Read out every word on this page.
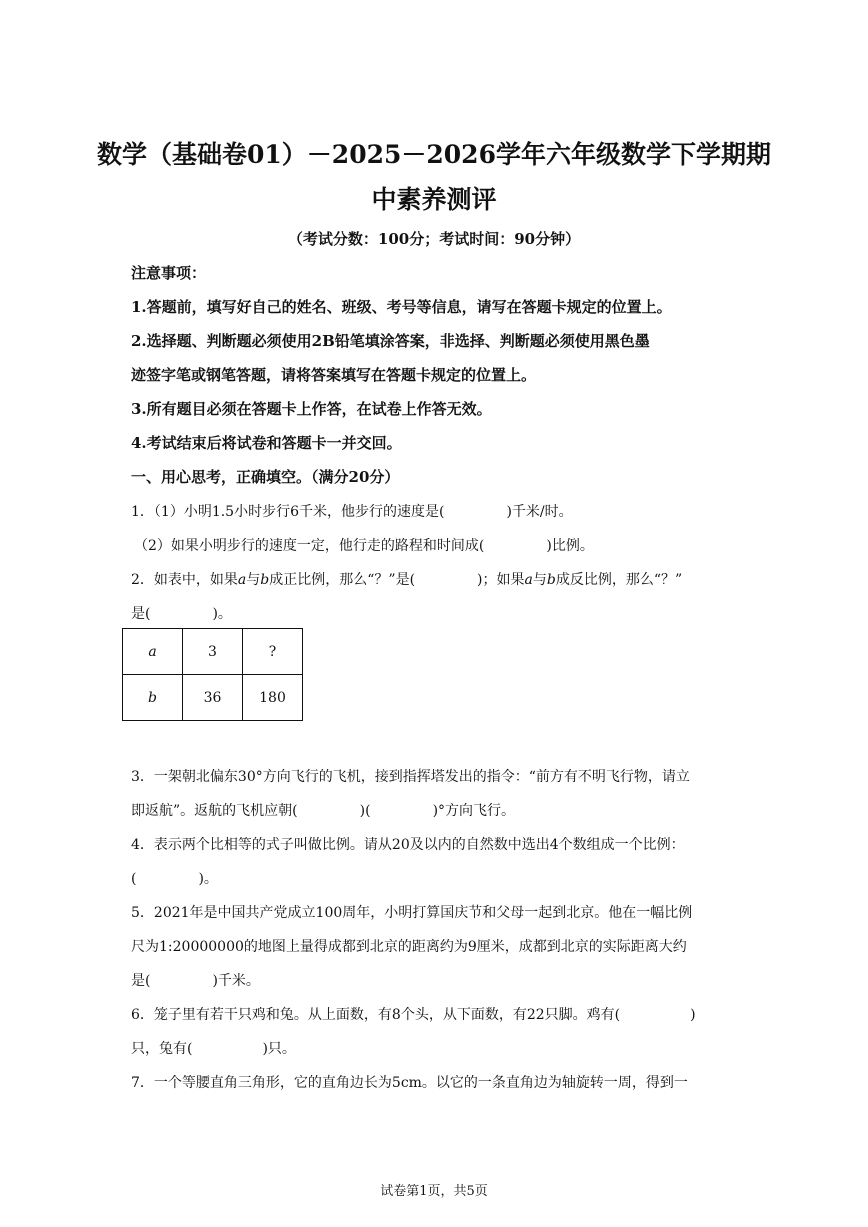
数学（基础卷01）－2025－2026学年六年级数学下学期期
中素养测评
（考试分数：100分；考试时间：90分钟）
注意事项：
1.答题前，填写好自己的姓名、班级、考号等信息，请写在答题卡规定的位置上。
2.选择题、判断题必须使用2B铅笔填涂答案，非选择、判断题必须使用黑色墨
迹签字笔或钢笔答题，请将答案填写在答题卡规定的位置上。
3.所有题目必须在答题卡上作答，在试卷上作答无效。
4.考试结束后将试卷和答题卡一并交回。
一、用心思考，正确填空。（满分20分）
1．（1）小明1.5小时步行6千米，他步行的速度是(	)千米/时。
（2）如果小明步行的速度一定，他行走的路程和时间成(	)比例。
2．如表中，如果a与b成正比例，那么“？”是(	)；如果a与b成反比例，那么“？”
是(	)。
a	3	?
b	36	180
3．一架朝北偏东30°方向飞行的飞机，接到指挥塔发出的指令：“前方有不明飞行物，请立
即返航”。返航的飞机应朝(	)(	)°方向飞行。
4．表示两个比相等的式子叫做比例。请从20及以内的自然数中选出4个数组成一个比例：
(	)。
5．2021年是中国共产党成立100周年，小明打算国庆节和父母一起到北京。他在一幅比例
尺为1:20000000的地图上量得成都到北京的距离约为9厘米，成都到北京的实际距离大约
是(	)千米。
6．笼子里有若干只鸡和兔。从上面数，有8个头，从下面数，有22只脚。鸡有(	)
只，兔有(	)只。
7．一个等腰直角三角形，它的直角边长为5cm。以它的一条直角边为轴旋转一周，得到一
试卷第1页，共5页
